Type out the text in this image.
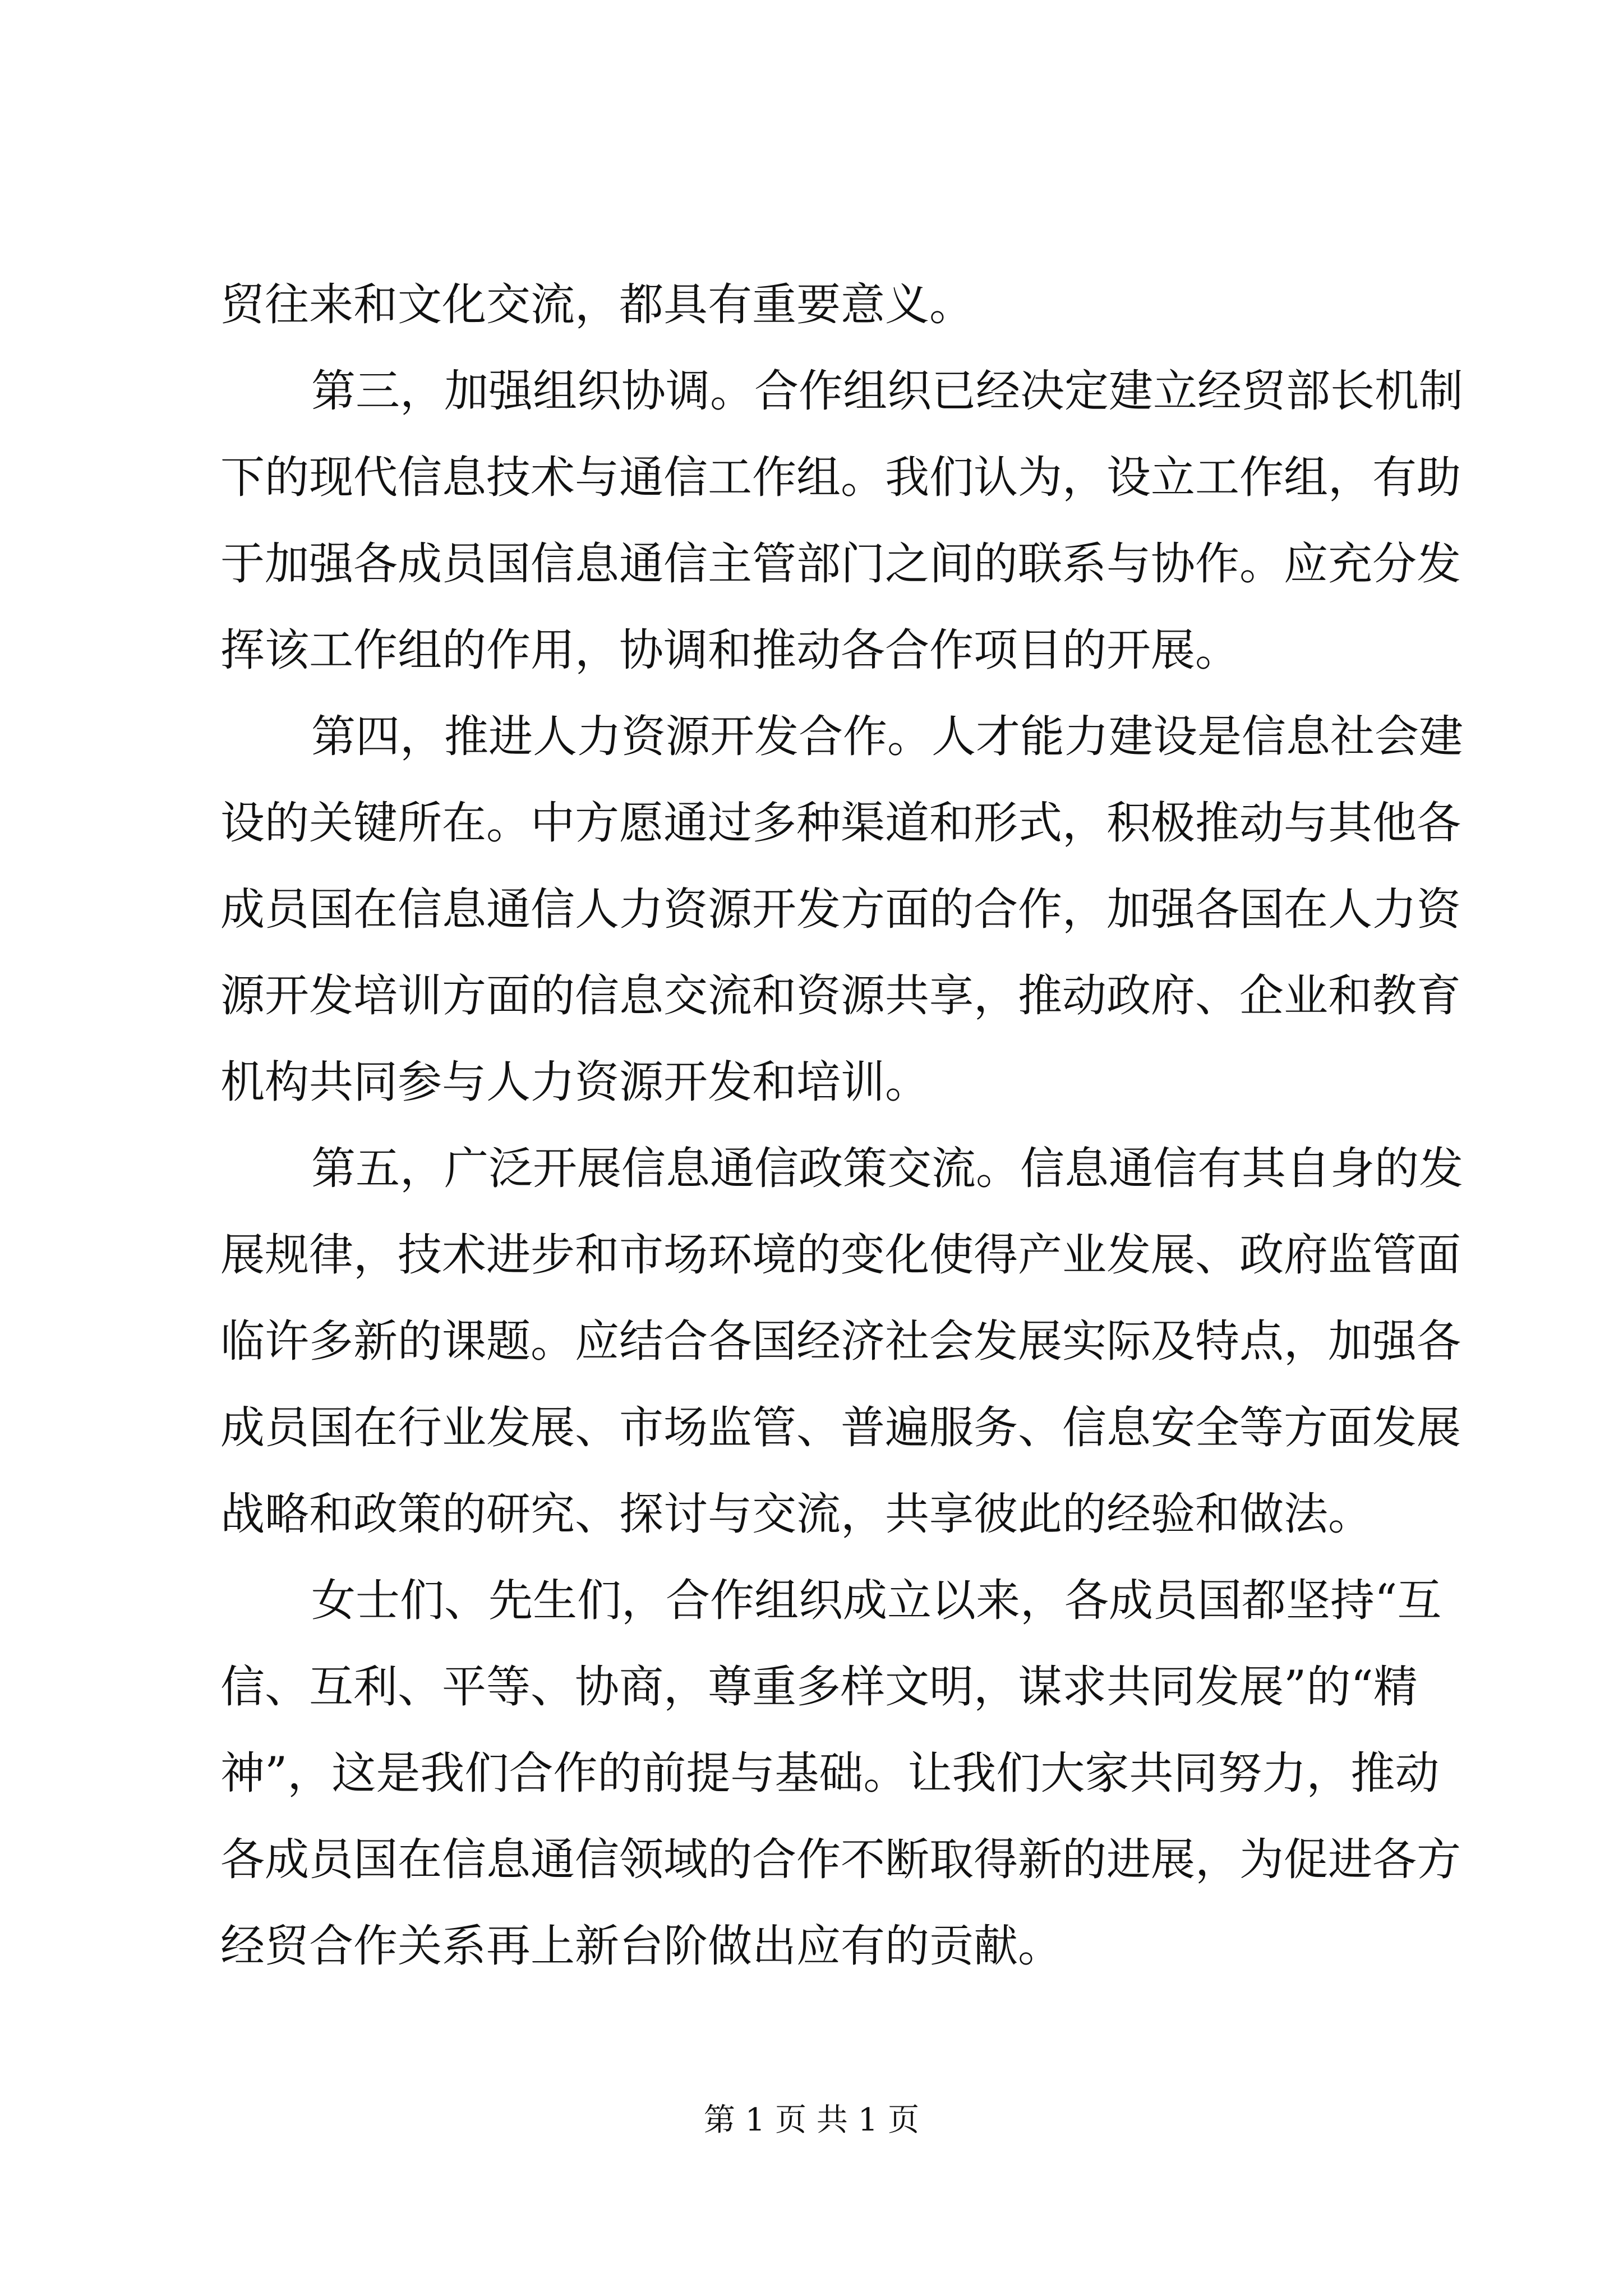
贸往来和文化交流，都具有重要意义。
第 三 ， 加 强 组 织 协 调 。 合 作 组 织 已 经 决 定 建 立 经 贸 部 长 机 制
下 的 现 代 信 息 技 术 与 通 信 工 作 组 。 我 们 认 为 ， 设 立 工 作 组 ， 有 助
于 加 强 各 成 员 国 信 息 通 信 主 管 部 门 之 间 的 联 系 与 协 作 。 应 充 分 发
挥该工作组的作用，协调和推动各合作项目的开展。
第 四 ， 推 进 人 力 资 源 开 发 合 作 。 人 才 能 力 建 设 是 信 息 社 会 建
设 的 关 键 所 在 。 中 方 愿 通 过 多 种 渠 道 和 形 式 ， 积 极 推 动 与 其 他 各
成 员 国 在 信 息 通 信 人 力 资 源 开 发 方 面 的 合 作 ， 加 强 各 国 在 人 力 资
源 开 发 培 训 方 面 的 信 息 交 流 和 资 源 共 享 ， 推 动 政 府 、 企 业 和 教 育
机构共同参与人力资源开发和培训。
第 五 ， 广 泛 开 展 信 息 通 信 政 策 交 流 。 信 息 通 信 有 其 自 身 的 发
展 规 律 ， 技 术 进 步 和 市 场 环 境 的 变 化 使 得 产 业 发 展 、 政 府 监 管 面
临 许 多 新 的 课 题 。 应 结 合 各 国 经 济 社 会 发 展 实 际 及 特 点 ， 加 强 各
成 员 国 在 行 业 发 展 、 市 场 监 管 、 普 遍 服 务 、 信 息 安 全 等 方 面 发 展
战略和政策的研究、探讨与交流，共享彼此的经验和做法。
女 士 们 、 先 生 们 ， 合 作 组 织 成 立 以 来 ， 各 成 员 国 都 坚 持 “ 互
信 、 互 利 、 平 等 、 协 商 ， 尊 重 多 样 文 明 ， 谋 求 共 同 发 展 ” 的 “ 精
神 ” ， 这 是 我 们 合 作 的 前 提 与 基 础 。 让 我 们 大 家 共 同 努 力 ， 推 动
各 成 员 国 在 信 息 通 信 领 域 的 合 作 不 断 取 得 新 的 进 展 ， 为 促 进 各 方
经贸合作关系再上新台阶做出应有的贡献。
第 1 页 共 1 页
